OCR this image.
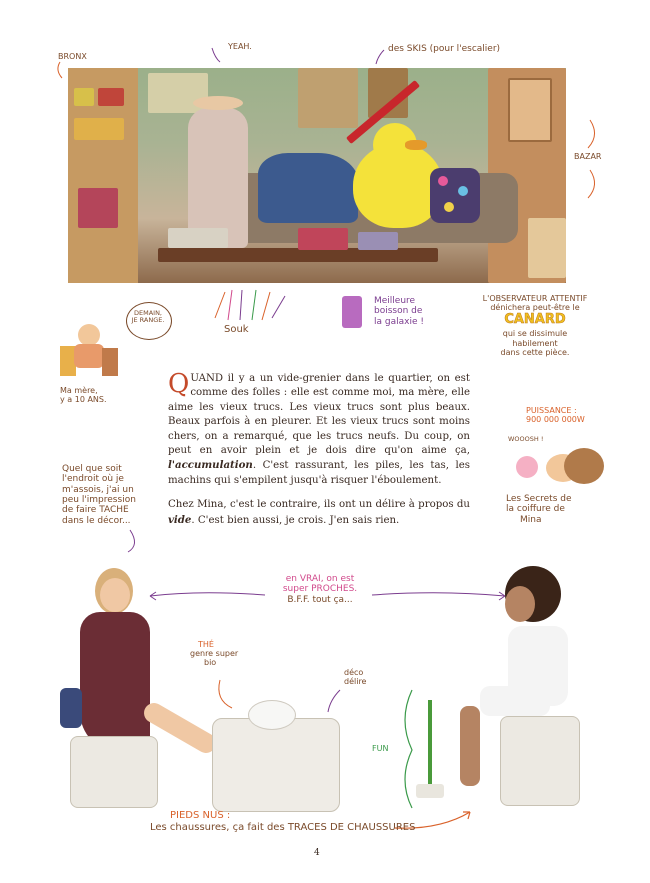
BRONX
YEAH.	des SKIS (pour l'escalier)
BAZAR
Souk
Meilleure
boisson de
la galaxie !
L'OBSERVATEUR ATTENTIF
dénichera peut-être le
CANARD
qui se dissimule
habilement
dans cette pièce.
DEMAIN, JE RANGE.
Ma mère,
y a 10 ANS.
Quel que soit
l'endroit où je
m'assois, j'ai un
peu l'impression
de faire TACHE
dans le décor...
PUISSANCE :
900 000 000W
WOOOSH !
Les Secrets de
la coiffure de
Mina

QUAND il y a un vide-grenier dans le quartier, on est comme des folles : elle est comme moi, ma mère, elle aime les vieux trucs. Les vieux trucs sont plus beaux. Beaux parfois à en pleurer. Et les vieux trucs sont moins chers, on a remarqué, que les trucs neufs. Du coup, on peut en avoir plein et je dois dire qu'on aime ça, l'accumulation. C'est rassurant, les piles, les tas, les machins qui s'empilent jusqu'à risquer l'éboulement.

Chez Mina, c'est le contraire, ils ont un délire à propos du vide. C'est bien aussi, je crois. J'en sais rien.

en VRAI, on est
super PROCHES.
B.F.F. tout ça...
THÉ
genre super
bio
déco
délire
FUN
PIEDS NUS :
Les chaussures, ça fait des TRACES DE CHAUSSURES
4
